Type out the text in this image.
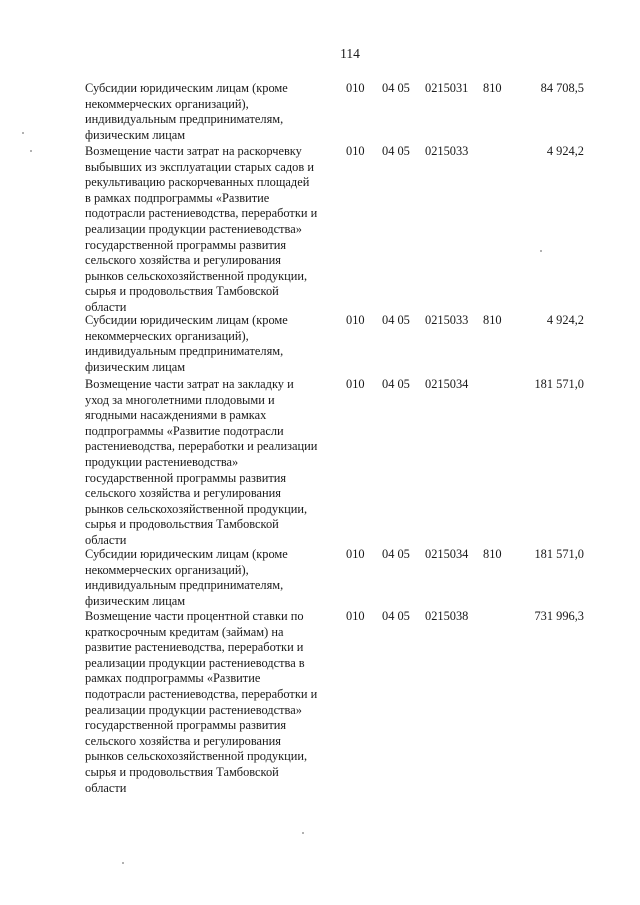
114
Субсидии юридическим лицам (кроме
некоммерческих организаций),
индивидуальным предпринимателям,
физическим лицам
010 04 05 0215031 810	84 708,5
Возмещение части затрат на раскорчевку
выбывших из эксплуатации старых садов и
рекультивацию раскорчеванных площадей
в рамках подпрограммы «Развитие
подотрасли растениеводства, переработки и
реализации продукции растениеводства»
государственной программы развития
сельского хозяйства и регулирования
рынков сельскохозяйственной продукции,
сырья и продовольствия Тамбовской
области
010 04 05 0215033	4 924,2
Субсидии юридическим лицам (кроме
некоммерческих организаций),
индивидуальным предпринимателям,
физическим лицам
010 04 05 0215033 810	4 924,2
Возмещение части затрат на закладку и
уход за многолетними плодовыми и
ягодными насаждениями в рамках
подпрограммы «Развитие подотрасли
растениеводства, переработки и реализации
продукции растениеводства»
государственной программы развития
сельского хозяйства и регулирования
рынков сельскохозяйственной продукции,
сырья и продовольствия Тамбовской
области
010 04 05 0215034	181 571,0
Субсидии юридическим лицам (кроме
некоммерческих организаций),
индивидуальным предпринимателям,
физическим лицам
010 04 05 0215034 810	181 571,0
Возмещение части процентной ставки по
краткосрочным кредитам (займам) на
развитие растениеводства, переработки и
реализации продукции растениеводства в
рамках подпрограммы «Развитие
подотрасли растениеводства, переработки и
реализации продукции растениеводства»
государственной программы развития
сельского хозяйства и регулирования
рынков сельскохозяйственной продукции,
сырья и продовольствия Тамбовской
области
010 04 05 0215038	731 996,3
